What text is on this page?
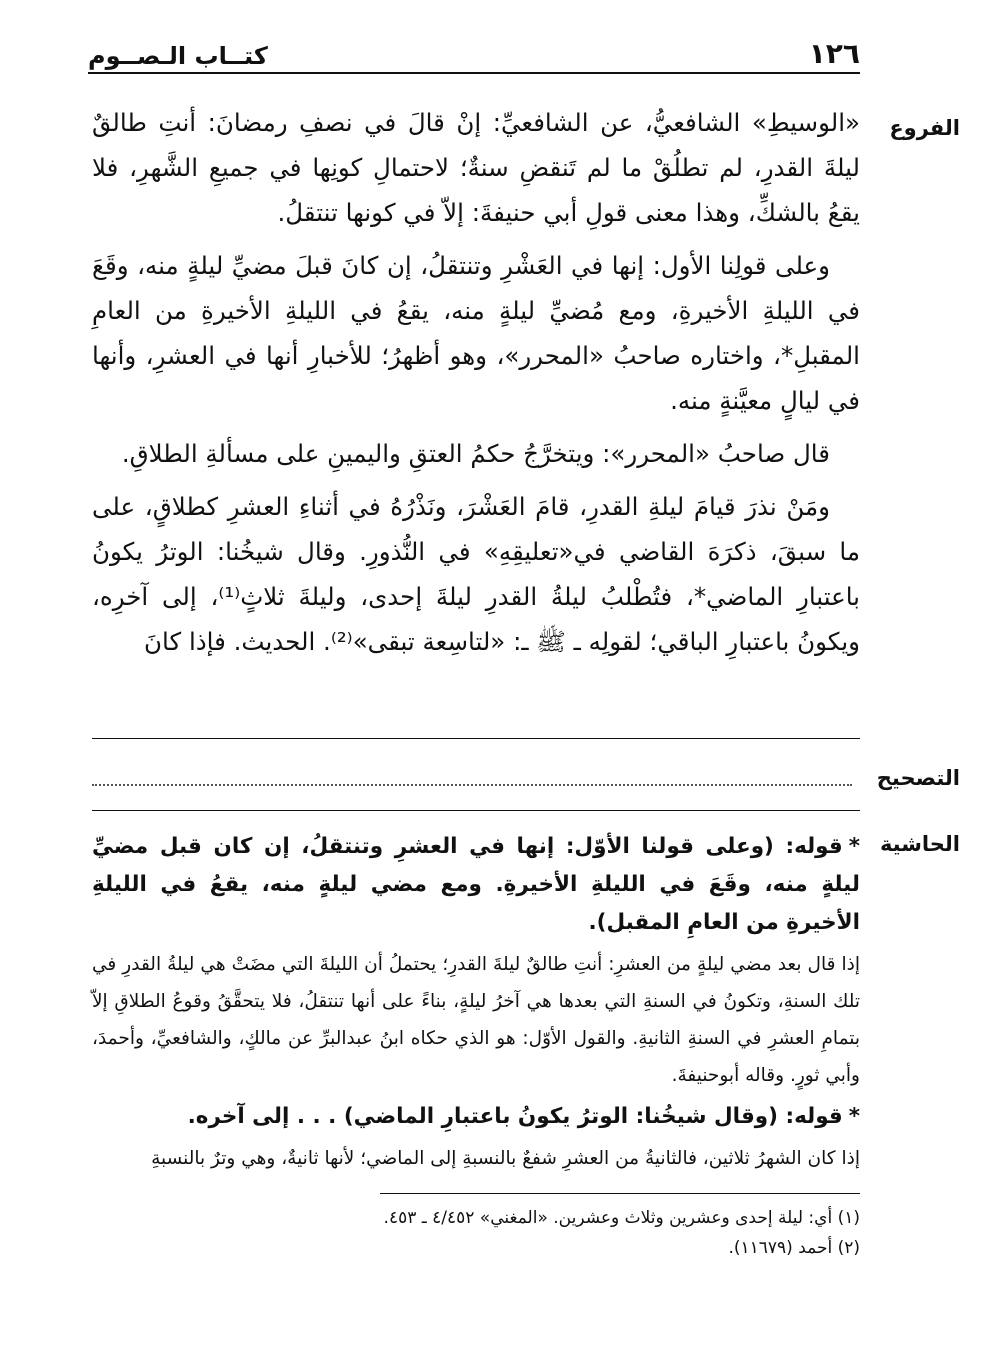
١٢٦
كتــاب الـصــوم
الفروع

«الوسيطِ» الشافعيُّ، عن الشافعيِّ: إنْ قالَ في نصفِ رمضانَ: أنتِ طالقٌ ليلةَ القدرِ، لم تطلُقْ ما لم تَنقضِ سنةٌ؛ لاحتمالِ كونِها في جميعِ الشَّهرِ، فلا يقعُ بالشكِّ، وهذا معنى قولِ أبي حنيفةَ: إلاّ في كونها تنتقلُ.

وعلى قولِنا الأول: إنها في العَشْرِ وتنتقلُ، إن كانَ قبلَ مضيِّ ليلةٍ منه، وقَعَ في الليلةِ الأخيرةِ، ومع مُضيِّ ليلةٍ منه، يقعُ في الليلةِ الأخيرةِ من العامِ المقبلِ*، واختاره صاحبُ «المحرر»، وهو أظهرُ؛ للأخبارِ أنها في العشرِ، وأنها في ليالٍ معيَّنةٍ منه.

قال صاحبُ «المحرر»: ويتخرَّجُ حكمُ العتقِ واليمينِ على مسألةِ الطلاقِ.

ومَنْ نذرَ قيامَ ليلةِ القدرِ، قامَ العَشْرَ، ونَذْرُهُ في أثناءِ العشرِ كطلاقٍ، على ما سبقَ، ذكرَهَ القاضي في«تعليقِهِ» في النُّذورِ. وقال شيخُنا: الوترُ يكونُ باعتبارِ الماضي*، فتُطْلبُ ليلةُ القدرِ ليلةَ إحدى، وليلةَ ثلاثٍ⁽¹⁾، إلى آخرِه، ويكونُ باعتبارِ الباقي؛ لقولِه ـ ﷺ ـ: «لتاسِعة تبقى»⁽²⁾. الحديث. فإذا كانَ

التصحيح
الحاشية

*قوله: (وعلى قولنا الأوّل: إنها في العشرِ وتنتقلُ، إن كان قبل مضيِّ ليلةٍ منه، وقَعَ في الليلةِ الأخيرةِ. ومع مضي ليلةٍ منه، يقعُ في الليلةِ الأخيرةِ من العامِ المقبل).

إذا قال بعد مضي ليلةٍ من العشرِ: أنتِ طالقٌ ليلةَ القدرِ؛ يحتملُ أن الليلةَ التي مضَتْ هي ليلةُ القدرِ في تلك السنةِ، وتكونُ في السنةِ التي بعدها هي آخرُ ليلةٍ، بناءً على أنها تنتقلُ، فلا يتحقَّقُ وقوعُ الطلاقِ إلاّ بتمامِ العشرِ في السنةِ الثانيةِ. والقول الأوّل: هو الذي حكاه ابنُ عبدالبرِّ عن مالكٍ، والشافعيِّ، وأحمدَ، وأبي ثورٍ. وقاله أبوحنيفةَ.

*قوله: (وقال شيخُنا: الوترُ يكونُ باعتبارِ الماضي) . . . إلى آخره.

إذا كان الشهرُ ثلاثين، فالثانيةُ من العشرِ شفعٌ بالنسبةِ إلى الماضي؛ لأنها ثانيةٌ، وهي وترٌ بالنسبةِ

(١) أي: ليلة إحدى وعشرين وثلاث وعشرين. «المغني» ٤/٤٥٢ ـ ٤٥٣.

(٢) أحمد (١١٦٧٩).
